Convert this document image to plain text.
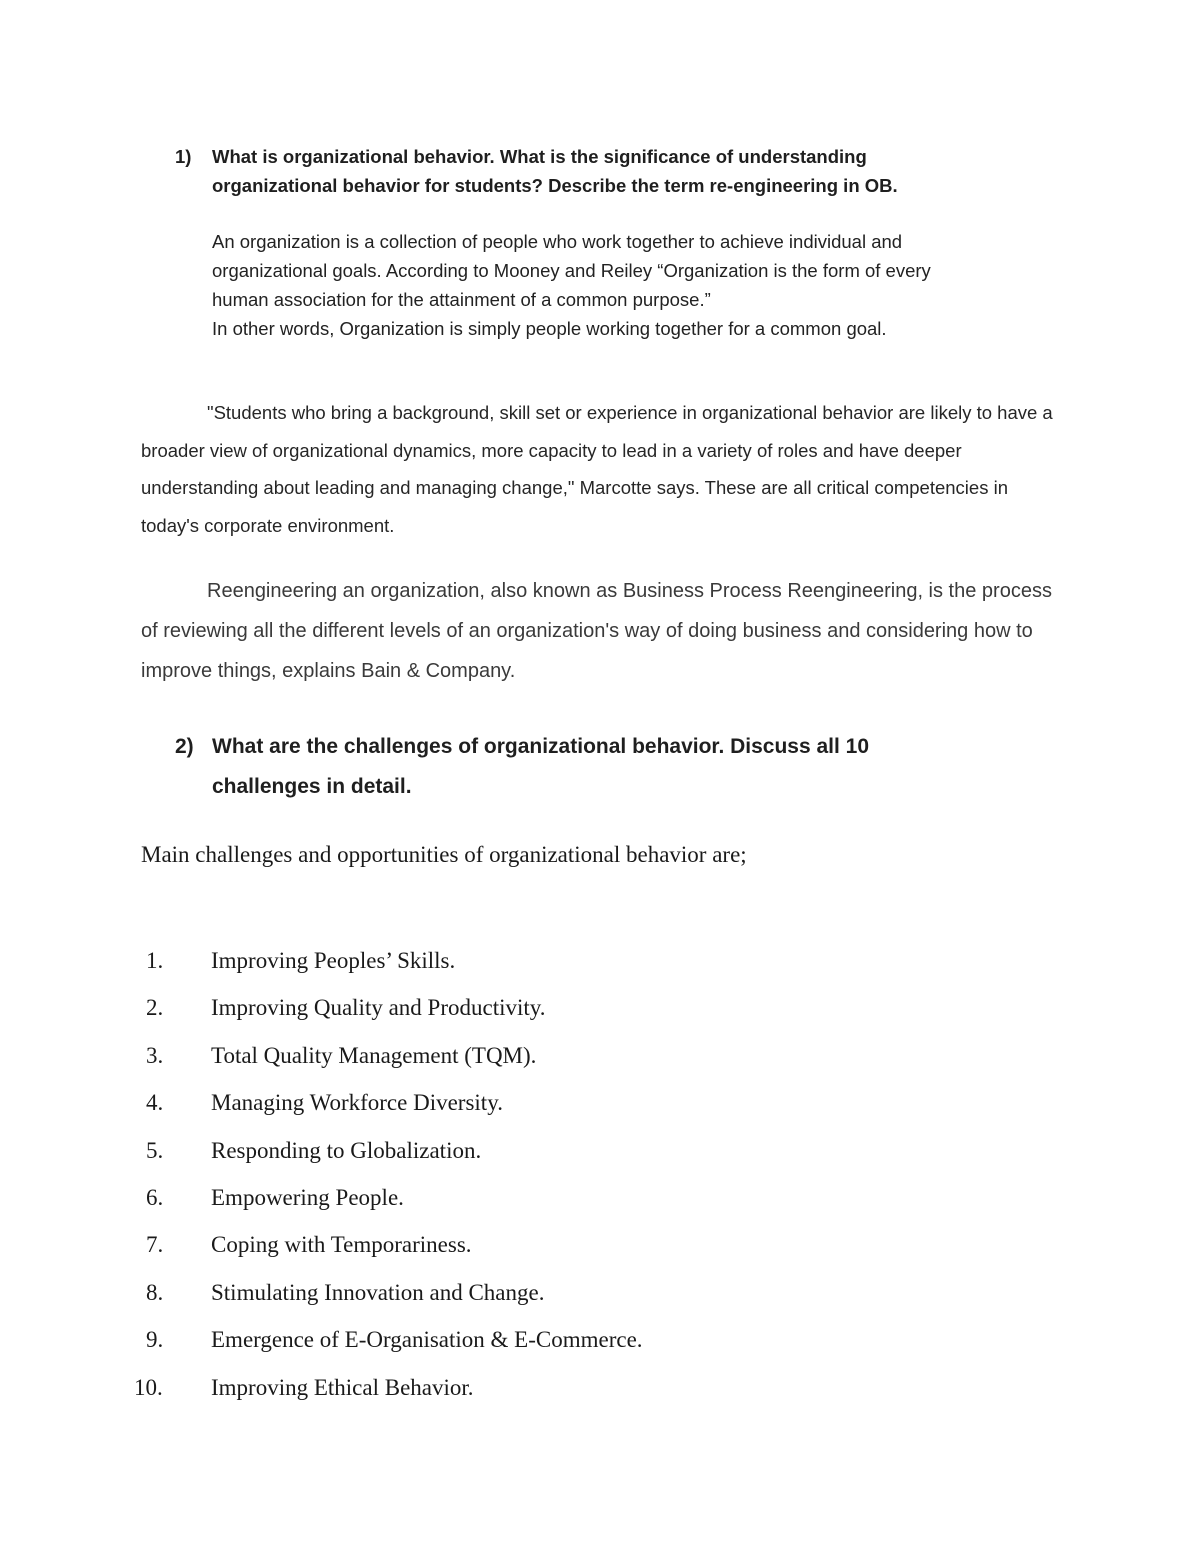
1) What is organizational behavior. What is the significance of understanding
organizational behavior for students? Describe the term re-engineering in OB.

An organization is a collection of people who work together to achieve individual and

organizational goals. According to Mooney and Reiley “Organization is the form of every

human association for the attainment of a common purpose.”

In other words, Organization is simply people working together for a common goal.

"Students who bring a background, skill set or experience in organizational behavior are likely to have a broader view of organizational dynamics, more capacity to lead in a variety of roles and have deeper understanding about leading and managing change," Marcotte says. These are all critical competencies in today's corporate environment.

Reengineering an organization, also known as Business Process Reengineering, is the process of reviewing all the different levels of an organization's way of doing business and considering how to improve things, explains Bain & Company.

2) What are the challenges of organizational behavior. Discuss all 10
challenges in detail.
Main challenges and opportunities of organizational behavior are;
1. Improving Peoples’ Skills.
2. Improving Quality and Productivity.
3. Total Quality Management (TQM).
4. Managing Workforce Diversity.
5. Responding to Globalization.
6. Empowering People.
7. Coping with Temporariness.
8. Stimulating Innovation and Change.
9. Emergence of E-Organisation & E-Commerce.
10. Improving Ethical Behavior.
